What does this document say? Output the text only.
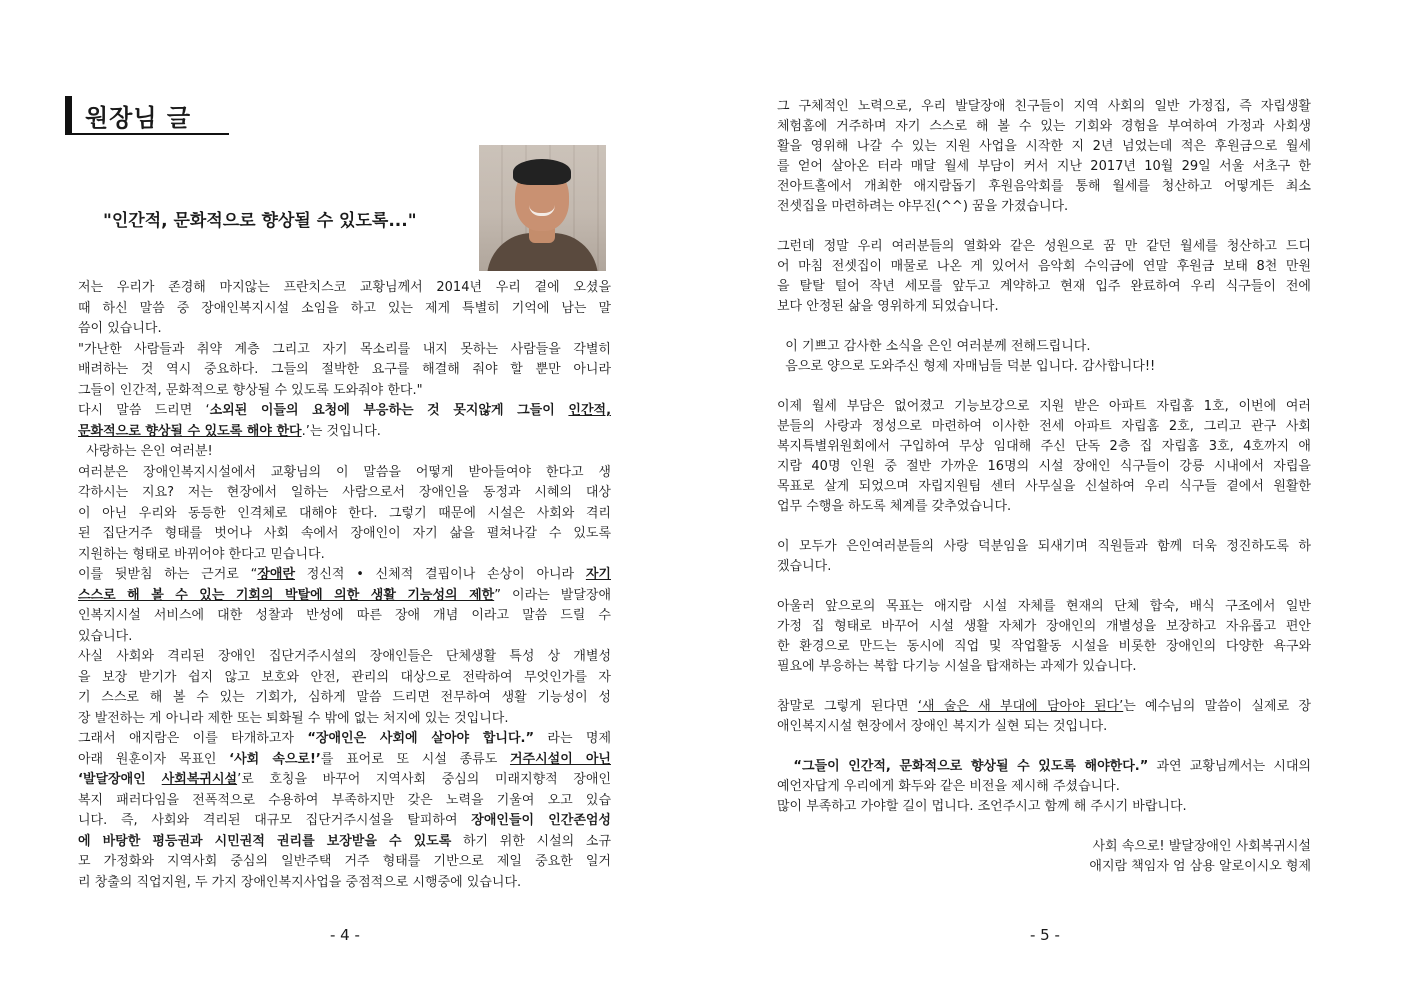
원장님 글
"인간적, 문화적으로 향상될 수 있도록..."
저는 우리가 존경해 마지않는 프란치스코 교황님께서 2014년 우리 곁에 오셨을
때 하신 말씀 중 장애인복지시설 소임을 하고 있는 제게 특별히 기억에 남는 말
씀이 있습니다.
"가난한 사람들과 취약 계층 그리고 자기 목소리를 내지 못하는 사람들을 각별히
배려하는 것 역시 중요하다. 그들의 절박한 요구를 해결해 줘야 할 뿐만 아니라
그들이 인간적, 문화적으로 향상될 수 있도록 도와줘야 한다."
다시 말씀 드리면 ‘소외된 이들의 요청에 부응하는 것 못지않게 그들이 인간적,
문화적으로 향상될 수 있도록 해야 한다.’는 것입니다.
사랑하는 은인 여러분!
여러분은 장애인복지시설에서 교황님의 이 말씀을 어떻게 받아들여야 한다고 생
각하시는 지요? 저는 현장에서 일하는 사람으로서 장애인을 동정과 시혜의 대상
이 아닌 우리와 동등한 인격체로 대해야 한다. 그렇기 때문에 시설은 사회와 격리
된 집단거주 형태를 벗어나 사회 속에서 장애인이 자기 삶을 펼쳐나갈 수 있도록
지원하는 형태로 바뀌어야 한다고 믿습니다.
이를 뒷받침 하는 근거로 “장애란 정신적 • 신체적 결핍이나 손상이 아니라 자기
스스로 해 볼 수 있는 기회의 박탈에 의한 생활 기능성의 제한” 이라는 발달장애
인복지시설 서비스에 대한 성찰과 반성에 따른 장애 개념 이라고 말씀 드릴 수
있습니다.
사실 사회와 격리된 장애인 집단거주시설의 장애인들은 단체생활 특성 상 개별성
을 보장 받기가 쉽지 않고 보호와 안전, 관리의 대상으로 전락하여 무엇인가를 자
기 스스로 해 볼 수 있는 기회가, 심하게 말씀 드리면 전무하여 생활 기능성이 성
장 발전하는 게 아니라 제한 또는 퇴화될 수 밖에 없는 처지에 있는 것입니다.
그래서 애지람은 이를 타개하고자 “장애인은 사회에 살아야 합니다.” 라는 명제
아래 원훈이자 목표인 ‘사회 속으로!’를 표어로 또 시설 종류도 거주시설이 아닌
‘발달장애인 사회복귀시설’로 호칭을 바꾸어 지역사회 중심의 미래지향적 장애인
복지 패러다임을 전폭적으로 수용하여 부족하지만 갖은 노력을 기울여 오고 있습
니다. 즉, 사회와 격리된 대규모 집단거주시설을 탈피하여 장애인들이 인간존엄성
에 바탕한 평등권과 시민권적 권리를 보장받을 수 있도록 하기 위한 시설의 소규
모 가정화와 지역사회 중심의 일반주택 거주 형태를 기반으로 제일 중요한 일거
리 창출의 직업지원, 두 가지 장애인복지사업을 중점적으로 시행중에 있습니다.
- 4 -
그 구체적인 노력으로, 우리 발달장애 친구들이 지역 사회의 일반 가정집, 즉 자립생활
체험홈에 거주하며 자기 스스로 해 볼 수 있는 기회와 경험을 부여하여 가정과 사회생
활을 영위해 나갈 수 있는 지원 사업을 시작한 지 2년 넘었는데 적은 후원금으로 월세
를 얻어 살아온 터라 매달 월세 부담이 커서 지난 2017년 10월 29일 서울 서초구 한
전아트홀에서 개최한 애지람돕기 후원음악회를 통해 월세를 청산하고 어떻게든 최소
전셋집을 마련하려는 야무진(^^) 꿈을 가졌습니다.
그런데 정말 우리 여러분들의 열화와 같은 성원으로 꿈 만 같던 월세를 청산하고 드디
어 마침 전셋집이 매물로 나온 게 있어서 음악회 수익금에 연말 후원금 보태 8천 만원
을 탈탈 털어 작년 세모를 앞두고 계약하고 현재 입주 완료하여 우리 식구들이 전에
보다 안정된 삶을 영위하게 되었습니다.
이 기쁘고 감사한 소식을 은인 여러분께 전해드립니다.
음으로 양으로 도와주신 형제 자매님들 덕분 입니다. 감사합니다!!
이제 월세 부담은 없어졌고 기능보강으로 지원 받은 아파트 자립홈 1호, 이번에 여러
분들의 사랑과 정성으로 마련하여 이사한 전세 아파트 자립홈 2호, 그리고 관구 사회
복지특별위원회에서 구입하여 무상 임대해 주신 단독 2층 집 자립홈 3호, 4호까지 애
지람 40명 인원 중 절반 가까운 16명의 시설 장애인 식구들이 강릉 시내에서 자립을
목표로 살게 되었으며 자립지원팀 센터 사무실을 신설하여 우리 식구들 곁에서 원활한
업무 수행을 하도록 체계를 갖추었습니다.
이 모두가 은인여러분들의 사랑 덕분임을 되새기며 직원들과 함께 더욱 정진하도록 하
겠습니다.
아울러 앞으로의 목표는 애지람 시설 자체를 현재의 단체 합숙, 배식 구조에서 일반
가정 집 형태로 바꾸어 시설 생활 자체가 장애인의 개별성을 보장하고 자유롭고 편안
한 환경으로 만드는 동시에 직업 및 작업활동 시설을 비롯한 장애인의 다양한 욕구와
필요에 부응하는 복합 다기능 시설을 탑재하는 과제가 있습니다.
참말로 그렇게 된다면 ‘새 술은 새 부대에 담아야 된다’는 예수님의 말씀이 실제로 장
애인복지시설 현장에서 장애인 복지가 실현 되는 것입니다.
“그들이 인간적, 문화적으로 향상될 수 있도록 해야한다.” 과연 교황님께서는 시대의
예언자답게 우리에게 화두와 같은 비전을 제시해 주셨습니다.
많이 부족하고 가야할 길이 멉니다. 조언주시고 함께 해 주시기 바랍니다.
사회 속으로! 발달장애인 사회복귀시설
애지람 책임자 엄 삼용 알로이시오 형제
- 5 -
